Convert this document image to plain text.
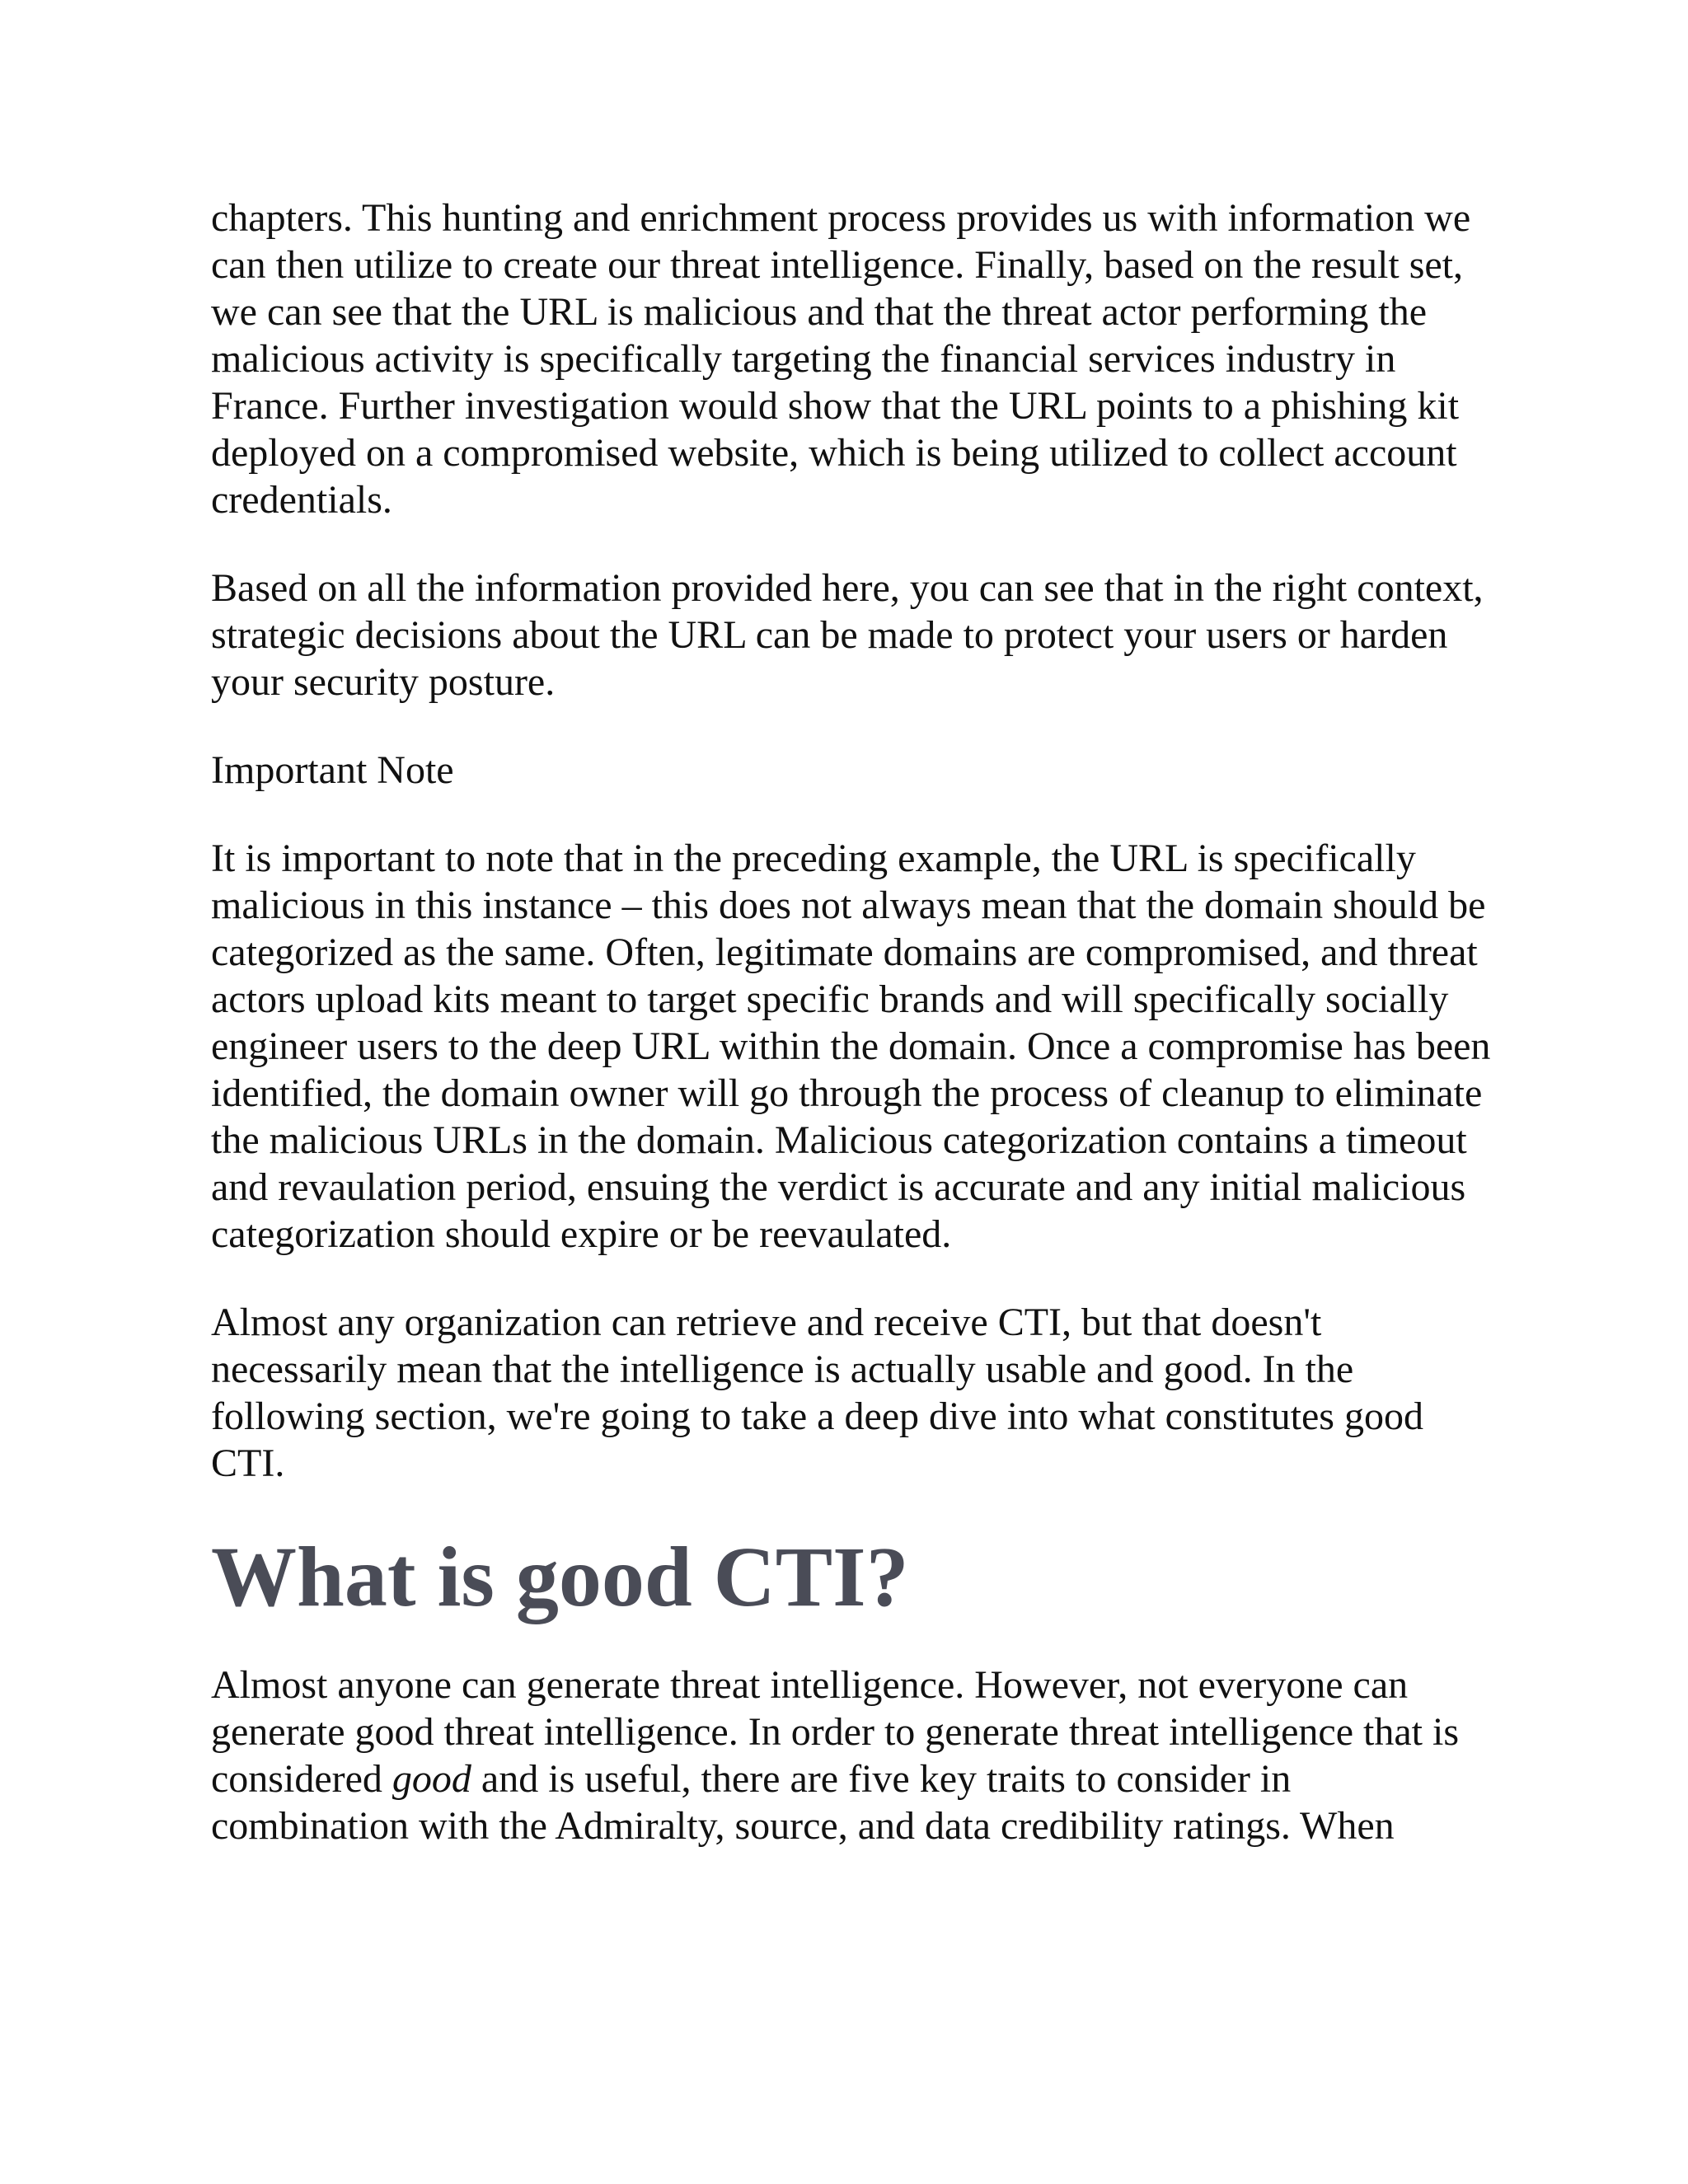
chapters. This hunting and enrichment process provides us with information we can then utilize to create our threat intelligence. Finally, based on the result set, we can see that the URL is malicious and that the threat actor performing the malicious activity is specifically targeting the financial services industry in France. Further investigation would show that the URL points to a phishing kit deployed on a compromised website, which is being utilized to collect account credentials.

Based on all the information provided here, you can see that in the right context, strategic decisions about the URL can be made to protect your users or harden your security posture.

Important Note

It is important to note that in the preceding example, the URL is specifically malicious in this instance – this does not always mean that the domain should be categorized as the same. Often, legitimate domains are compromised, and threat actors upload kits meant to target specific brands and will specifically socially engineer users to the deep URL within the domain. Once a compromise has been identified, the domain owner will go through the process of cleanup to eliminate the malicious URLs in the domain. Malicious categorization contains a timeout and revaulation period, ensuing the verdict is accurate and any initial malicious categorization should expire or be reevaulated.

Almost any organization can retrieve and receive CTI, but that doesn't necessarily mean that the intelligence is actually usable and good. In the following section, we're going to take a deep dive into what constitutes good CTI.

What is good CTI?

Almost anyone can generate threat intelligence. However, not everyone can generate good threat intelligence. In order to generate threat intelligence that is considered good and is useful, there are five key traits to consider in combination with the Admiralty, source, and data credibility ratings. When
